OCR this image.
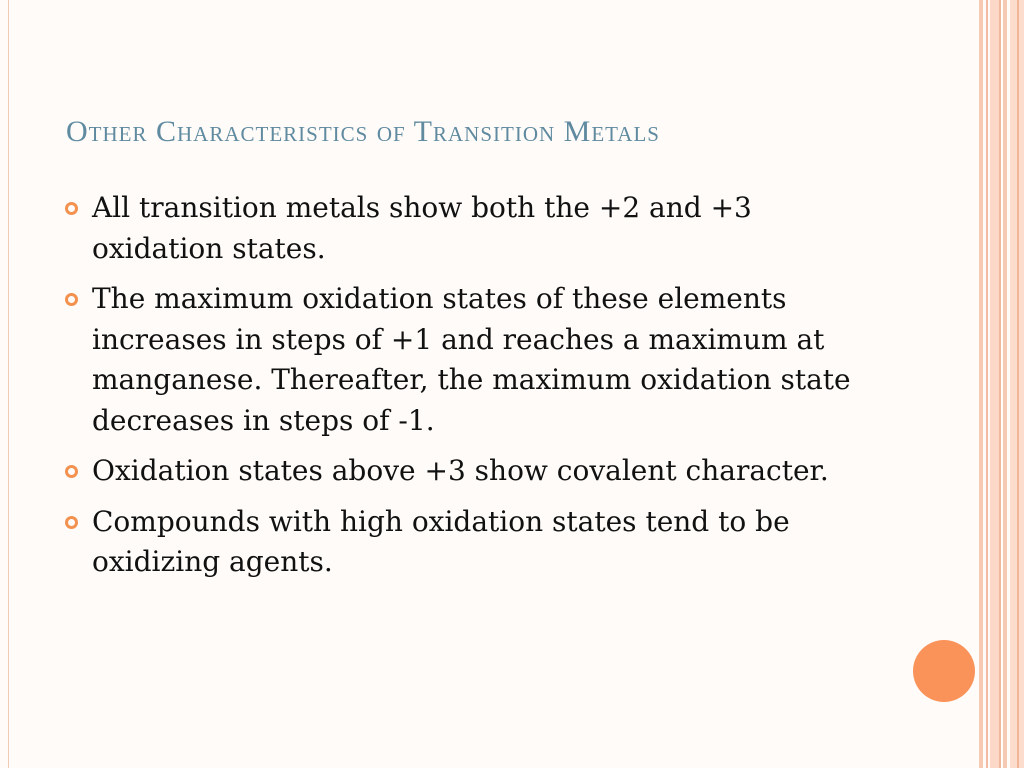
Other Characteristics of Transition Metals
All transition metals show both the +2 and +3 oxidation states.
The maximum oxidation states of these elements increases in steps of +1 and reaches a maximum at manganese. Thereafter, the maximum oxidation state decreases in steps of -1.
Oxidation states above +3 show covalent character.
Compounds with high oxidation states tend to be oxidizing agents.
